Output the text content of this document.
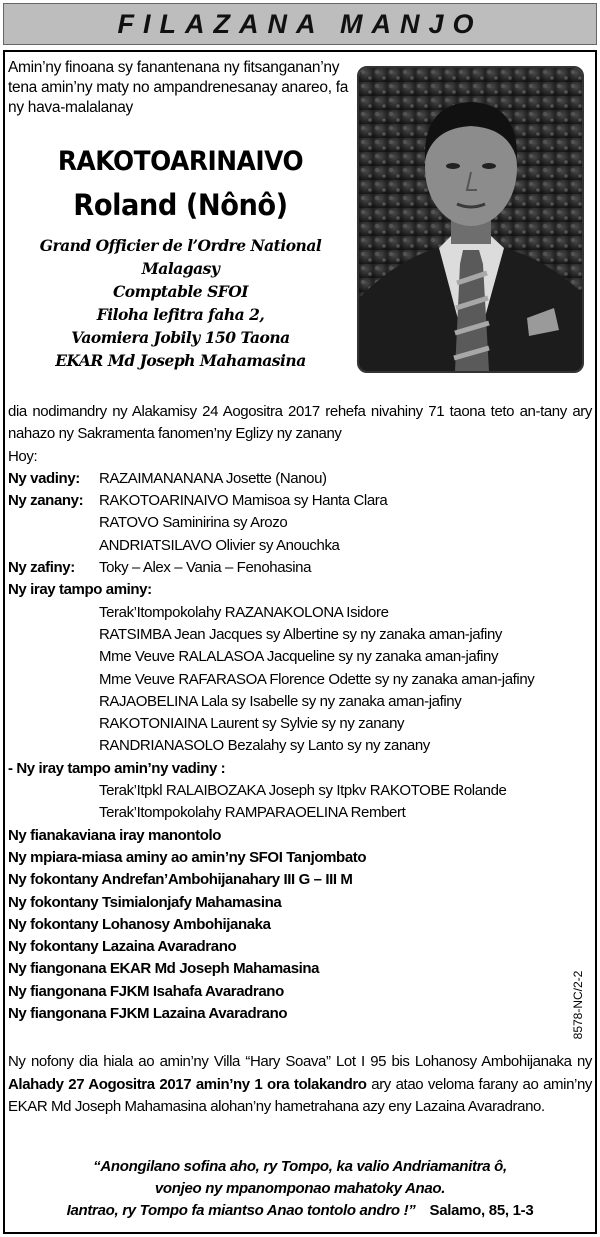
FILAZANA MANJO
Amin’ny finoana sy fanantenana ny fitsanganan’ny tena amin’ny maty no ampandrenesanay anareo, fa ny hava-malalanay
RAKOTOARINAIVO
Roland (Nônô)
Grand Officier de l’Ordre National
Malagasy
Comptable SFOI
Filoha lefitra faha 2,
Vaomiera Jobily 150 Taona
EKAR Md Joseph Mahamasina
dia nodimandry ny Alakamisy 24 Aogositra 2017 rehefa nivahiny 71 taona teto an-tany ary nahazo ny Sakramenta fanomen’ny Eglizy ny zanany
Hoy:
Ny vadiny: RAZAIMANANANA Josette (Nanou)
Ny zanany: RAKOTOARINAIVO Mamisoa sy Hanta Clara
RATOVO Saminirina sy Arozo
ANDRIATSILAVO Olivier sy Anouchka
Ny zafiny: Toky – Alex – Vania – Fenohasina
Ny iray tampo aminy:
Terak’Itompokolahy RAZANAKOLONA Isidore
RATSIMBA Jean Jacques sy Albertine sy ny zanaka aman-jafiny
Mme Veuve RALALASOA Jacqueline sy ny zanaka aman-jafiny
Mme Veuve RAFARASOA Florence Odette sy ny zanaka aman-jafiny
RAJAOBELINA Lala sy Isabelle sy ny zanaka aman-jafiny
RAKOTONIAINA Laurent sy Sylvie sy ny zanany
RANDRIANASOLO Bezalahy sy Lanto sy ny zanany
- Ny iray tampo amin’ny vadiny :
Terak’Itpkl RALAIBOZAKA Joseph sy Itpkv RAKOTOBE Rolande
Terak’Itompokolahy RAMPARAOELINA Rembert
Ny fianakaviana iray manontolo
Ny mpiara-miasa aminy ao amin’ny SFOI Tanjombato
Ny fokontany Andrefan’Ambohijanahary III G – III M
Ny fokontany Tsimialonjafy Mahamasina
Ny fokontany Lohanosy Ambohijanaka
Ny fokontany Lazaina Avaradrano
Ny fiangonana EKAR Md Joseph Mahamasina
Ny fiangonana FJKM Isahafa Avaradrano
Ny fiangonana FJKM Lazaina Avaradrano
Ny nofony dia hiala ao amin’ny Villa “Hary Soava” Lot I 95 bis Lohanosy Ambohijanaka ny Alahady 27 Aogositra 2017 amin’ny 1 ora tolakandro ary atao veloma farany ao amin’ny EKAR Md Joseph Mahamasina alohan’ny hametrahana azy eny Lazaina Avaradrano.
8578-NC/2-2
“Anongilano sofina aho, ry Tompo, ka valio Andriamanitra ô,
vonjeo ny mpanomponao mahatoky Anao.
Iantrao, ry Tompo fa miantso Anao tontolo andro !” Salamo, 85, 1-3
